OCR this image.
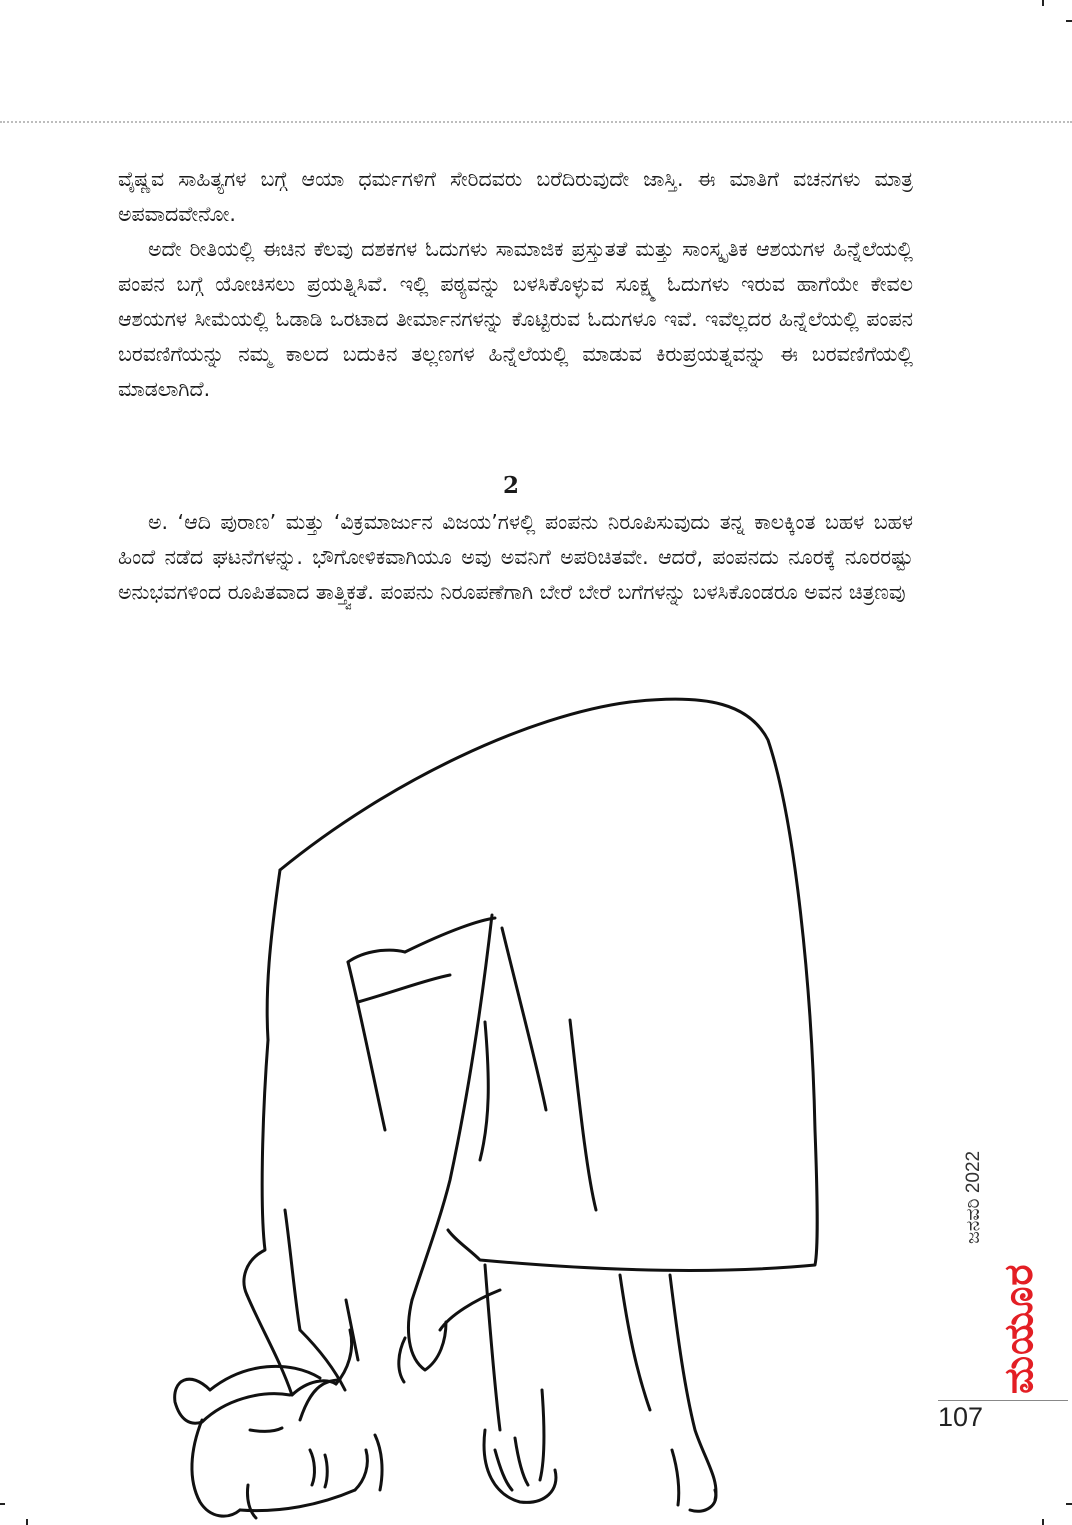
ವೈಷ್ಣವ ಸಾಹಿತ್ಯಗಳ ಬಗ್ಗೆ ಆಯಾ ಧರ್ಮಗಳಿಗೆ ಸೇರಿದವರು ಬರೆದಿರುವುದೇ ಜಾಸ್ತಿ. ಈ ಮಾತಿಗೆ ವಚನಗಳು ಮಾತ್ರ ಅಪವಾದವೇನೋ.

ಅದೇ ರೀತಿಯಲ್ಲಿ ಈಚಿನ ಕೆಲವು ದಶಕಗಳ ಓದುಗಳು ಸಾಮಾಜಿಕ ಪ್ರಸ್ತುತತೆ ಮತ್ತು ಸಾಂಸ್ಕೃತಿಕ ಆಶಯಗಳ ಹಿನ್ನೆಲೆಯಲ್ಲಿ ಪಂಪನ ಬಗ್ಗೆ ಯೋಚಿಸಲು ಪ್ರಯತ್ನಿಸಿವೆ. ಇಲ್ಲಿ ಪಠ್ಯವನ್ನು ಬಳಸಿಕೊಳ್ಳುವ ಸೂಕ್ಷ್ಮ ಓದುಗಳು ಇರುವ ಹಾಗೆಯೇ ಕೇವಲ ಆಶಯಗಳ ಸೀಮೆಯಲ್ಲಿ ಓಡಾಡಿ ಒರಟಾದ ತೀರ್ಮಾನಗಳನ್ನು ಕೊಟ್ಟಿರುವ ಓದುಗಳೂ ಇವೆ. ಇವೆಲ್ಲದರ ಹಿನ್ನೆಲೆಯಲ್ಲಿ ಪಂಪನ ಬರವಣಿಗೆಯನ್ನು ನಮ್ಮ ಕಾಲದ ಬದುಕಿನ ತಲ್ಲಣಗಳ ಹಿನ್ನೆಲೆಯಲ್ಲಿ ಮಾಡುವ ಕಿರುಪ್ರಯತ್ನವನ್ನು ಈ ಬರವಣಿಗೆಯಲ್ಲಿ ಮಾಡಲಾಗಿದೆ.

2

ಅ. ‘ಆದಿ ಪುರಾಣ’ ಮತ್ತು ‘ವಿಕ್ರಮಾರ್ಜುನ ವಿಜಯ’ಗಳಲ್ಲಿ ಪಂಪನು ನಿರೂಪಿಸುವುದು ತನ್ನ ಕಾಲಕ್ಕಿಂತ ಬಹಳ ಬಹಳ ಹಿಂದೆ ನಡೆದ ಘಟನೆಗಳನ್ನು. ಭೌಗೋಳಿಕವಾಗಿಯೂ ಅವು ಅವನಿಗೆ ಅಪರಿಚಿತವೇ. ಆದರೆ, ಪಂಪನದು ನೂರಕ್ಕೆ ನೂರರಷ್ಟು ಅನುಭವಗಳಿಂದ ರೂಪಿತವಾದ ತಾತ್ತ್ವಿಕತೆ. ಪಂಪನು ನಿರೂಪಣೆಗಾಗಿ ಬೇರೆ ಬೇರೆ ಬಗೆಗಳನ್ನು ಬಳಸಿಕೊಂಡರೂ ಅವನ ಚಿತ್ರಣವು

ಜನವರಿ 2022
ಮಯೂರ
107
